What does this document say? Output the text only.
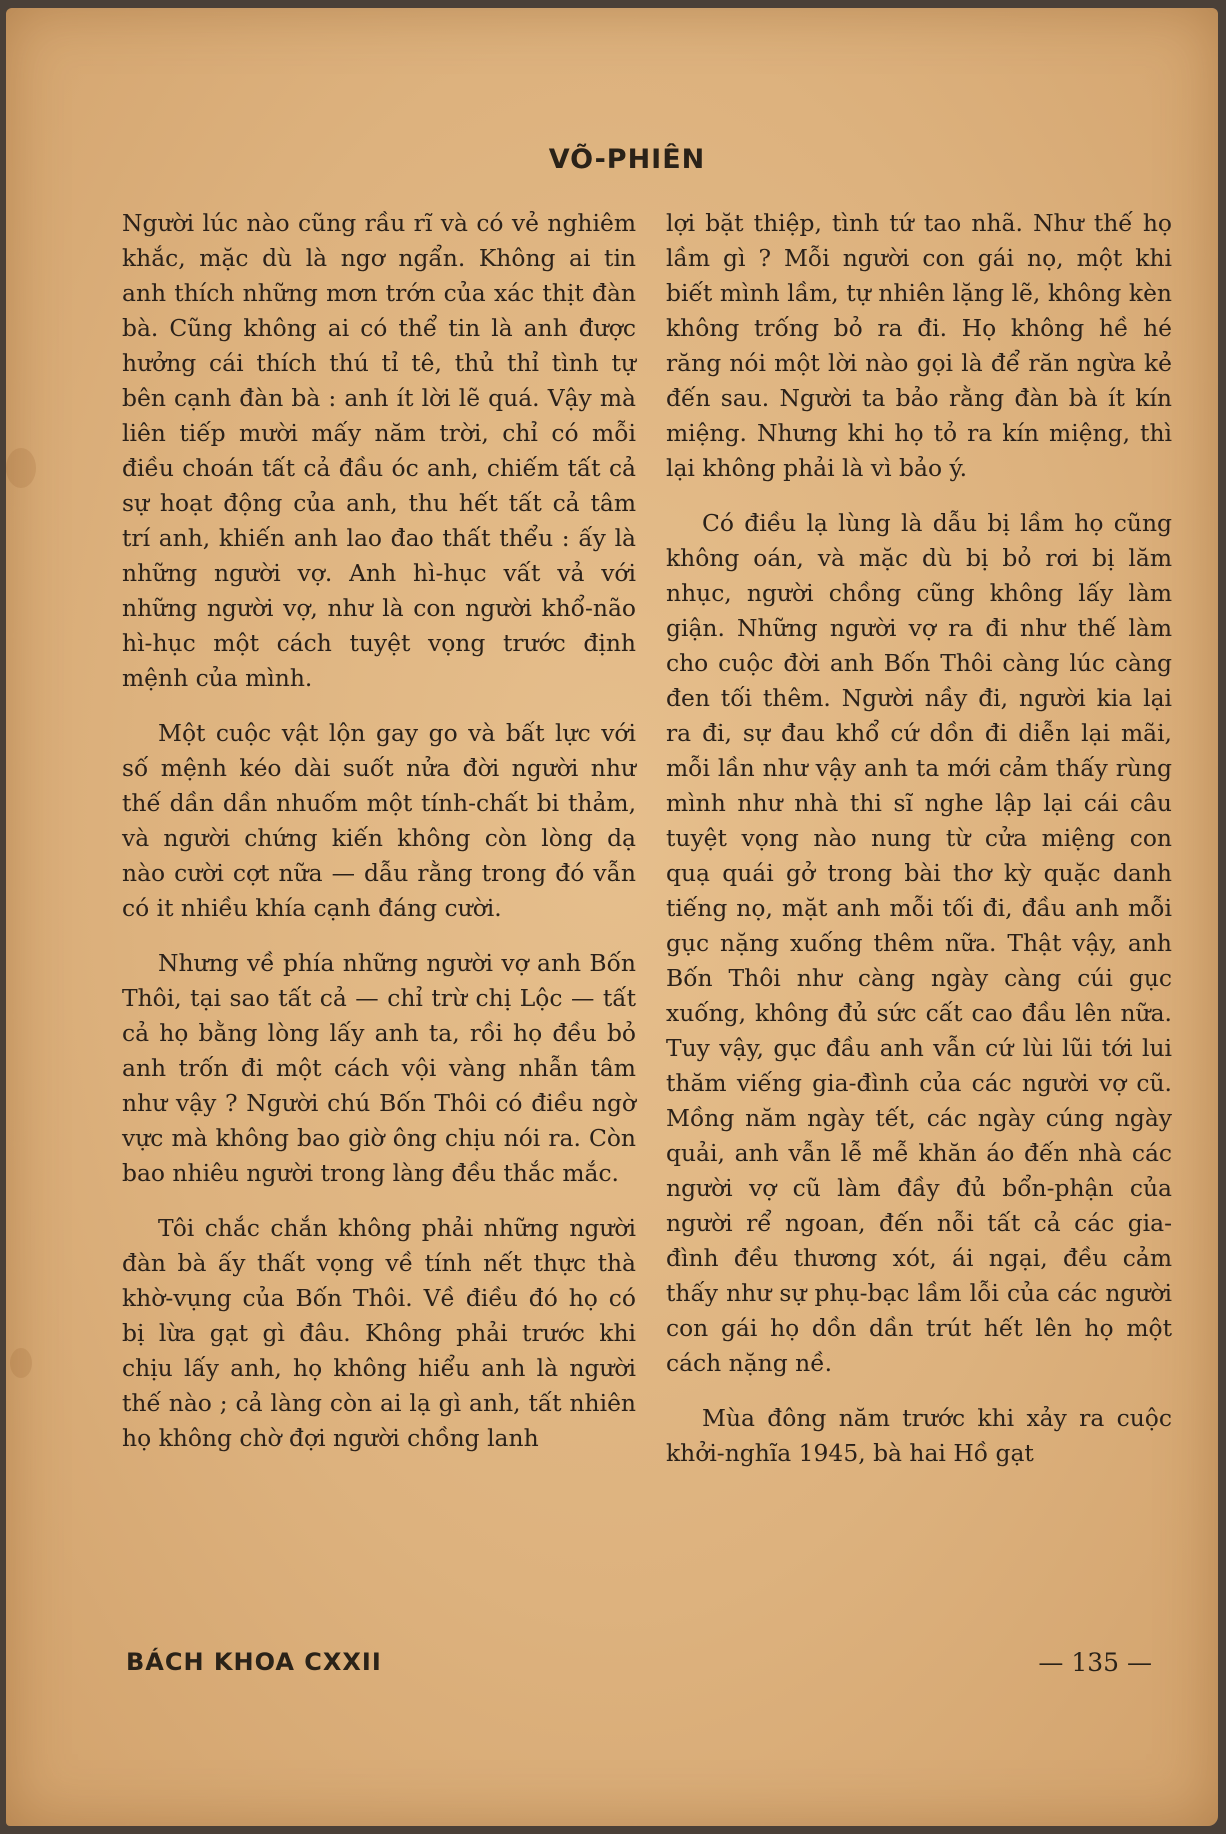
VÕ-PHIÊN

Người lúc nào cũng rầu rĩ và có vẻ nghiêm khắc, mặc dù là ngơ ngẩn. Không ai tin anh thích những mơn trớn của xác thịt đàn bà. Cũng không ai có thể tin là anh được hưởng cái thích thú tỉ tê, thủ thỉ tình tự bên cạnh đàn bà : anh ít lời lẽ quá. Vậy mà liên tiếp mười mấy năm trời, chỉ có mỗi điều choán tất cả đầu óc anh, chiếm tất cả sự hoạt động của anh, thu hết tất cả tâm trí anh, khiến anh lao đao thất thểu : ấy là những người vợ. Anh hì-hục vất vả với những người vợ, như là con người khổ-não hì-hục một cách tuyệt vọng trước định mệnh của mình.

Một cuộc vật lộn gay go và bất lực với số mệnh kéo dài suốt nửa đời người như thế dần dần nhuốm một tính-chất bi thảm, và người chứng kiến không còn lòng dạ nào cười cợt nữa — dẫu rằng trong đó vẫn có it nhiều khía cạnh đáng cười.

Nhưng về phía những người vợ anh Bốn Thôi, tại sao tất cả — chỉ trừ chị Lộc — tất cả họ bằng lòng lấy anh ta, rồi họ đều bỏ anh trốn đi một cách vội vàng nhẫn tâm như vậy ? Người chú Bốn Thôi có điều ngờ vực mà không bao giờ ông chịu nói ra. Còn bao nhiêu người trong làng đều thắc mắc.

Tôi chắc chắn không phải những người đàn bà ấy thất vọng về tính nết thực thà khờ-vụng của Bốn Thôi. Về điều đó họ có bị lừa gạt gì đâu. Không phải trước khi chịu lấy anh, họ không hiểu anh là người thế nào ; cả làng còn ai lạ gì anh, tất nhiên họ không chờ đợi người chồng lanh

lợi bặt thiệp, tình tứ tao nhã. Như thế họ lầm gì ? Mỗi người con gái nọ, một khi biết mình lầm, tự nhiên lặng lẽ, không kèn không trống bỏ ra đi. Họ không hề hé răng nói một lời nào gọi là để răn ngừa kẻ đến sau. Người ta bảo rằng đàn bà ít kín miệng. Nhưng khi họ tỏ ra kín miệng, thì lại không phải là vì bảo ý.

Có điều lạ lùng là dẫu bị lầm họ cũng không oán, và mặc dù bị bỏ rơi bị lăm nhục, người chồng cũng không lấy làm giận. Những người vợ ra đi như thế làm cho cuộc đời anh Bốn Thôi càng lúc càng đen tối thêm. Người nầy đi, người kia lại ra đi, sự đau khổ cứ dồn đi diễn lại mãi, mỗi lần như vậy anh ta mới cảm thấy rùng mình như nhà thi sĩ nghe lập lại cái câu tuyệt vọng nào nung từ cửa miệng con quạ quái gở trong bài thơ kỳ quặc danh tiếng nọ, mặt anh mỗi tối đi, đầu anh mỗi gục nặng xuống thêm nữa. Thật vậy, anh Bốn Thôi như càng ngày càng cúi gục xuống, không đủ sức cất cao đầu lên nữa. Tuy vậy, gục đầu anh vẫn cứ lùi lũi tới lui thăm viếng gia-đình của các người vợ cũ. Mồng năm ngày tết, các ngày cúng ngày quải, anh vẫn lễ mễ khăn áo đến nhà các người vợ cũ làm đầy đủ bổn-phận của người rể ngoan, đến nỗi tất cả các gia-đình đều thương xót, ái ngại, đều cảm thấy như sự phụ-bạc lầm lỗi của các người con gái họ dồn dần trút hết lên họ một cách nặng nề.

Mùa đông năm trước khi xảy ra cuộc khởi-nghĩa 1945, bà hai Hồ gạt

BÁCH KHOA CXXII	— 135 —
